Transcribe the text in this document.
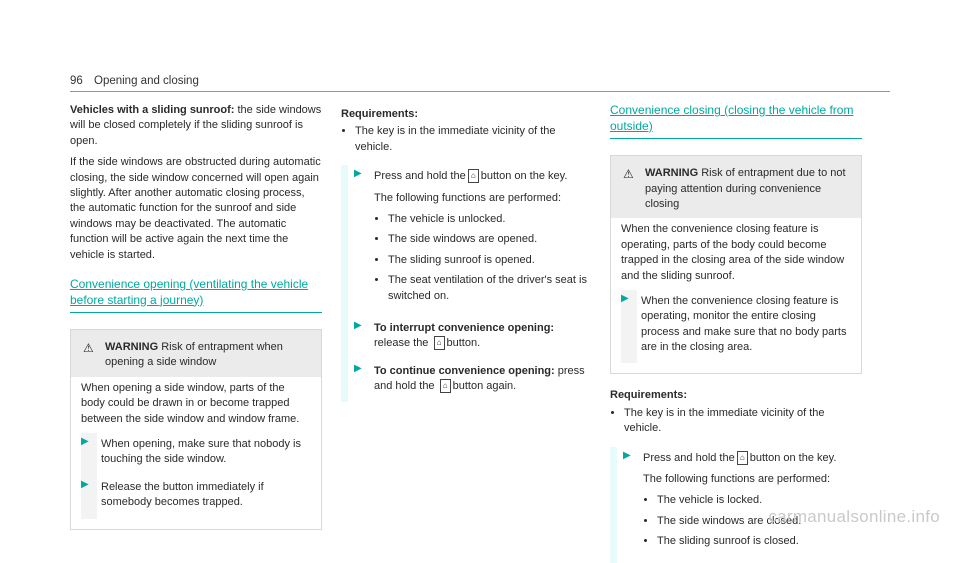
96 Opening and closing

Vehicles with a sliding sunroof: the side windows will be closed completely if the sliding sunroof is open.

If the side windows are obstructed during automatic closing, the side window concerned will open again slightly. After another automatic closing process, the automatic function for the sunroof and side windows may be deactivated. The automatic function will be active again the next time the vehicle is started.

Convenience opening (ventilating the vehicle before starting a journey)
⚠	WARNING Risk of entrapment when opening a side window

When opening a side window, parts of the body could be drawn in or become trapped between the side window and window frame.

▶	When opening, make sure that nobody is touching the side window.
▶	Release the button immediately if somebody becomes trapped.
Requirements:
• The key is in the immediate vicinity of the vehicle.
▶	Press and hold the ⌂ button on the key.

The following functions are performed:

• The vehicle is unlocked.
• The side windows are opened.
• The sliding sunroof is opened.
• The seat ventilation of the driver's seat is switched on.
▶	To interrupt convenience opening: release the ⌂ button.
▶	To continue convenience opening: press and hold the ⌂ button again.
Convenience closing (closing the vehicle from outside)
⚠	WARNING Risk of entrapment due to not paying attention during convenience closing

When the convenience closing feature is operating, parts of the body could become trapped in the closing area of the side window and the sliding sunroof.

▶	When the convenience closing feature is operating, monitor the entire closing process and make sure that no body parts are in the closing area.
Requirements:
• The key is in the immediate vicinity of the vehicle.
▶	Press and hold the ⌂ button on the key.

The following functions are performed:

• The vehicle is locked.
• The side windows are closed.
• The sliding sunroof is closed.
carmanualsonline.info
